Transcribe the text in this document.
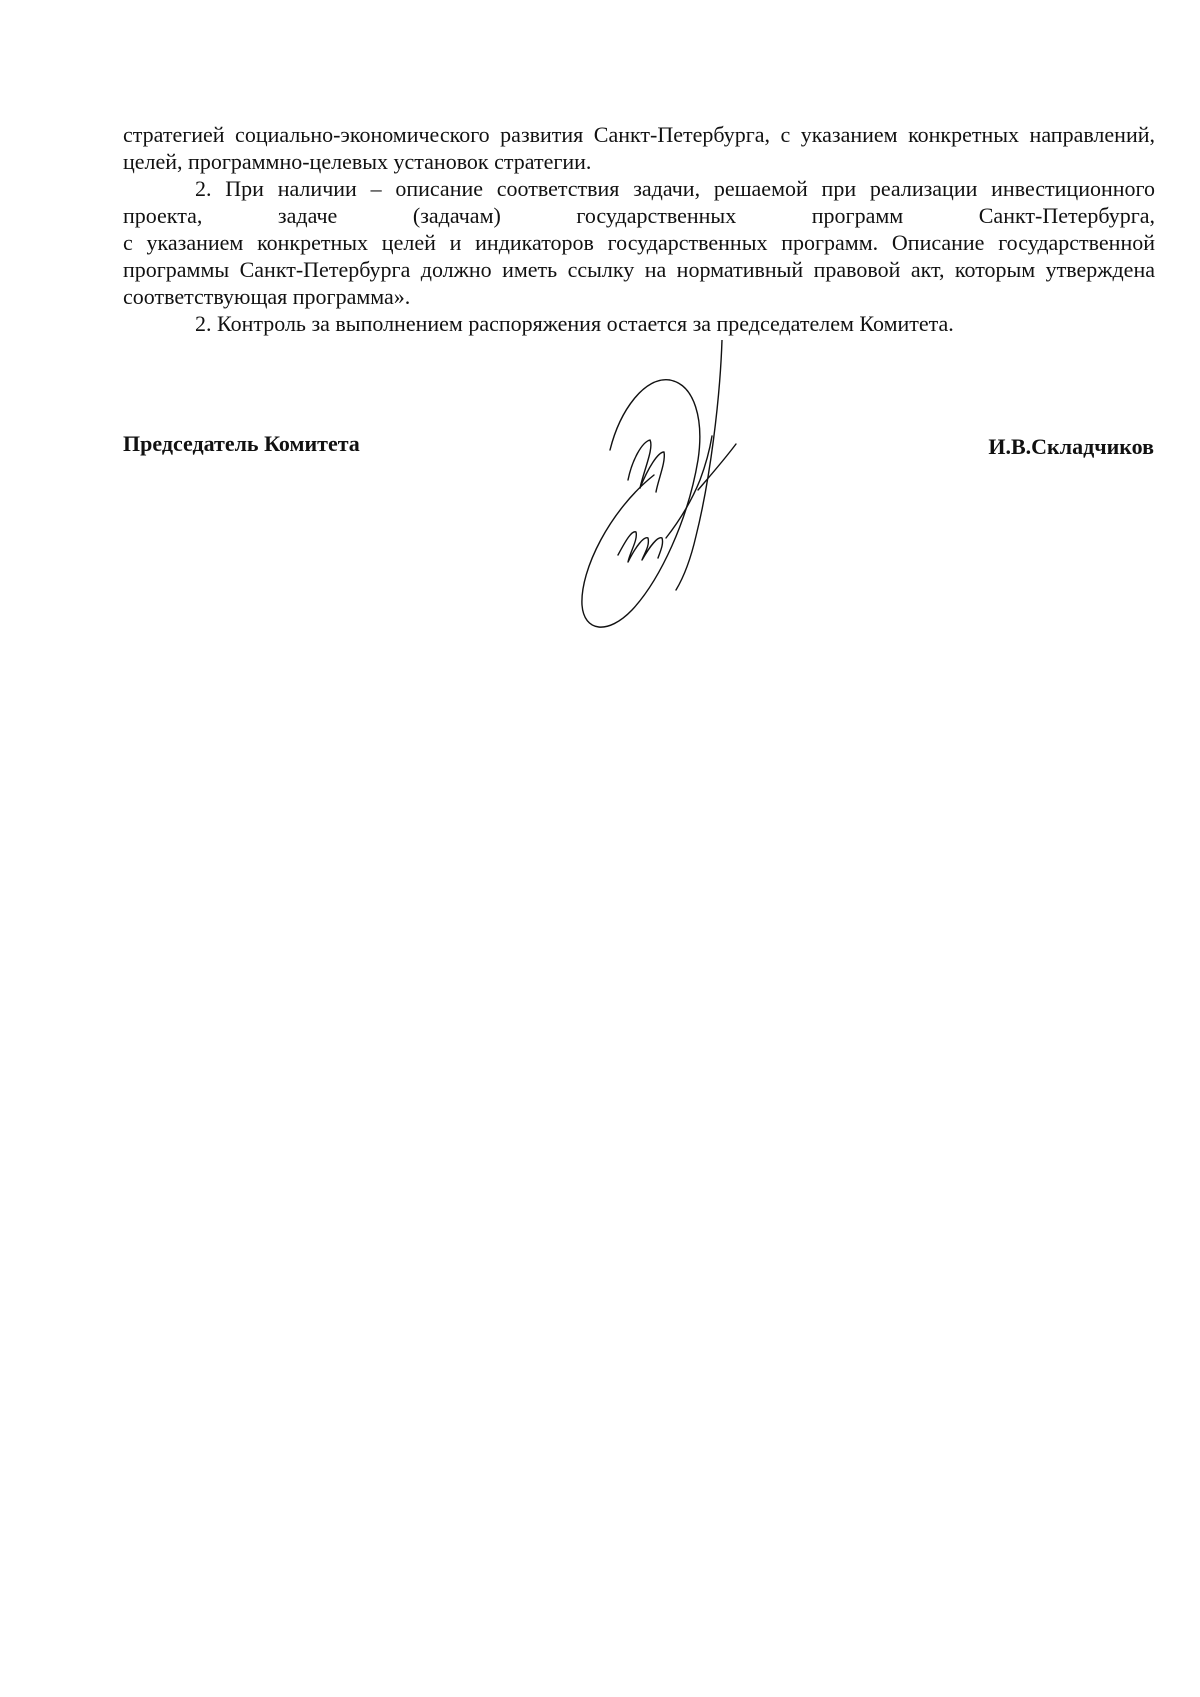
стратегией социально-экономического развития Санкт-Петербурга, с указанием конкретных направлений, целей, программно-целевых установок стратегии.

2. При наличии – описание соответствия задачи, решаемой при реализации инвестиционного проекта, задаче (задачам) государственных программ Санкт-Петербурга,

с указанием конкретных целей и индикаторов государственных программ. Описание государственной программы Санкт-Петербурга должно иметь ссылку на нормативный правовой акт, которым утверждена соответствующая программа».

2. Контроль за выполнением распоряжения остается за председателем Комитета.

Председатель Комитета	И.В.Складчиков
